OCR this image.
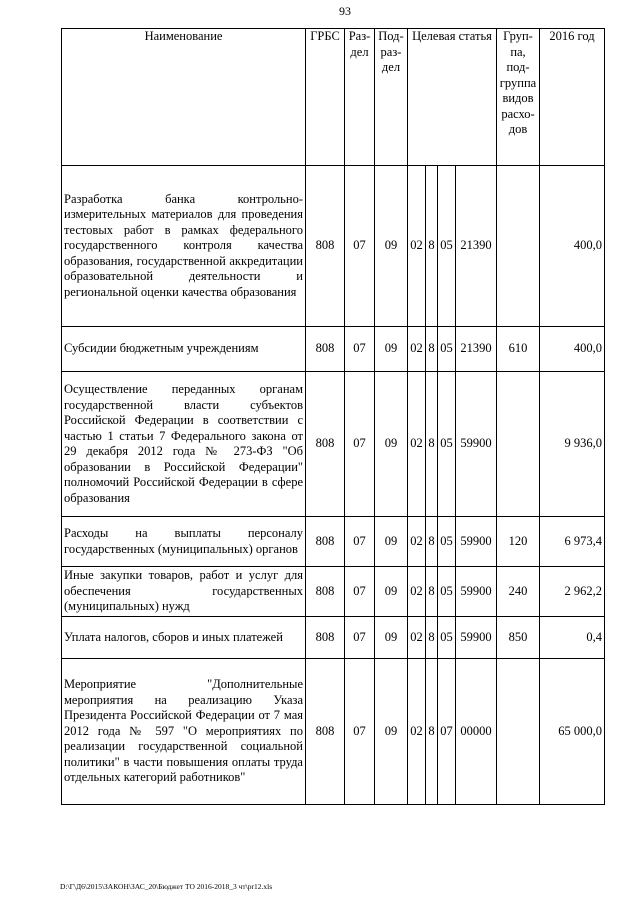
93
Наименование	ГРБС	Раз-дел	Под-раз-дел	Целевая статья				Груп-па, под-группа видов расхо-дов	2016 год
Разработка банка контрольно-измерительных материалов для проведения тестовых работ в рамках федерального государственного контроля качества образования, государственной аккредитации образовательной деятельности и региональной оценки качества образования	808	07	09	02	8	05	21390		400,0
Субсидии бюджетным учреждениям	808	07	09	02	8	05	21390	610	400,0
Осуществление переданных органам государственной власти субъектов Российской Федерации в соответствии с частью 1 статьи 7 Федерального закона от 29 декабря 2012 года № 273-ФЗ "Об образовании в Российской Федерации" полномочий Российской Федерации в сфере образования	808	07	09	02	8	05	59900		9 936,0
Расходы на выплаты персоналу государственных (муниципальных) органов	808	07	09	02	8	05	59900	120	6 973,4
Иные закупки товаров, работ и услуг для обеспечения государственных (муниципальных) нужд	808	07	09	02	8	05	59900	240	2 962,2
Уплата налогов, сборов и иных платежей	808	07	09	02	8	05	59900	850	0,4
Мероприятие "Дополнительные мероприятия на реализацию Указа Президента Российской Федерации от 7 мая 2012 года № 597 "О мероприятиях по реализации государственной социальной политики" в части повышения оплаты труда отдельных категорий работников"	808	07	09	02	8	07	00000		65 000,0
D:\Г\Д6\2015\ЗАКОН\ЗАС_20\Бюджет ТО 2016-2018_3 чт\pr12.xls
